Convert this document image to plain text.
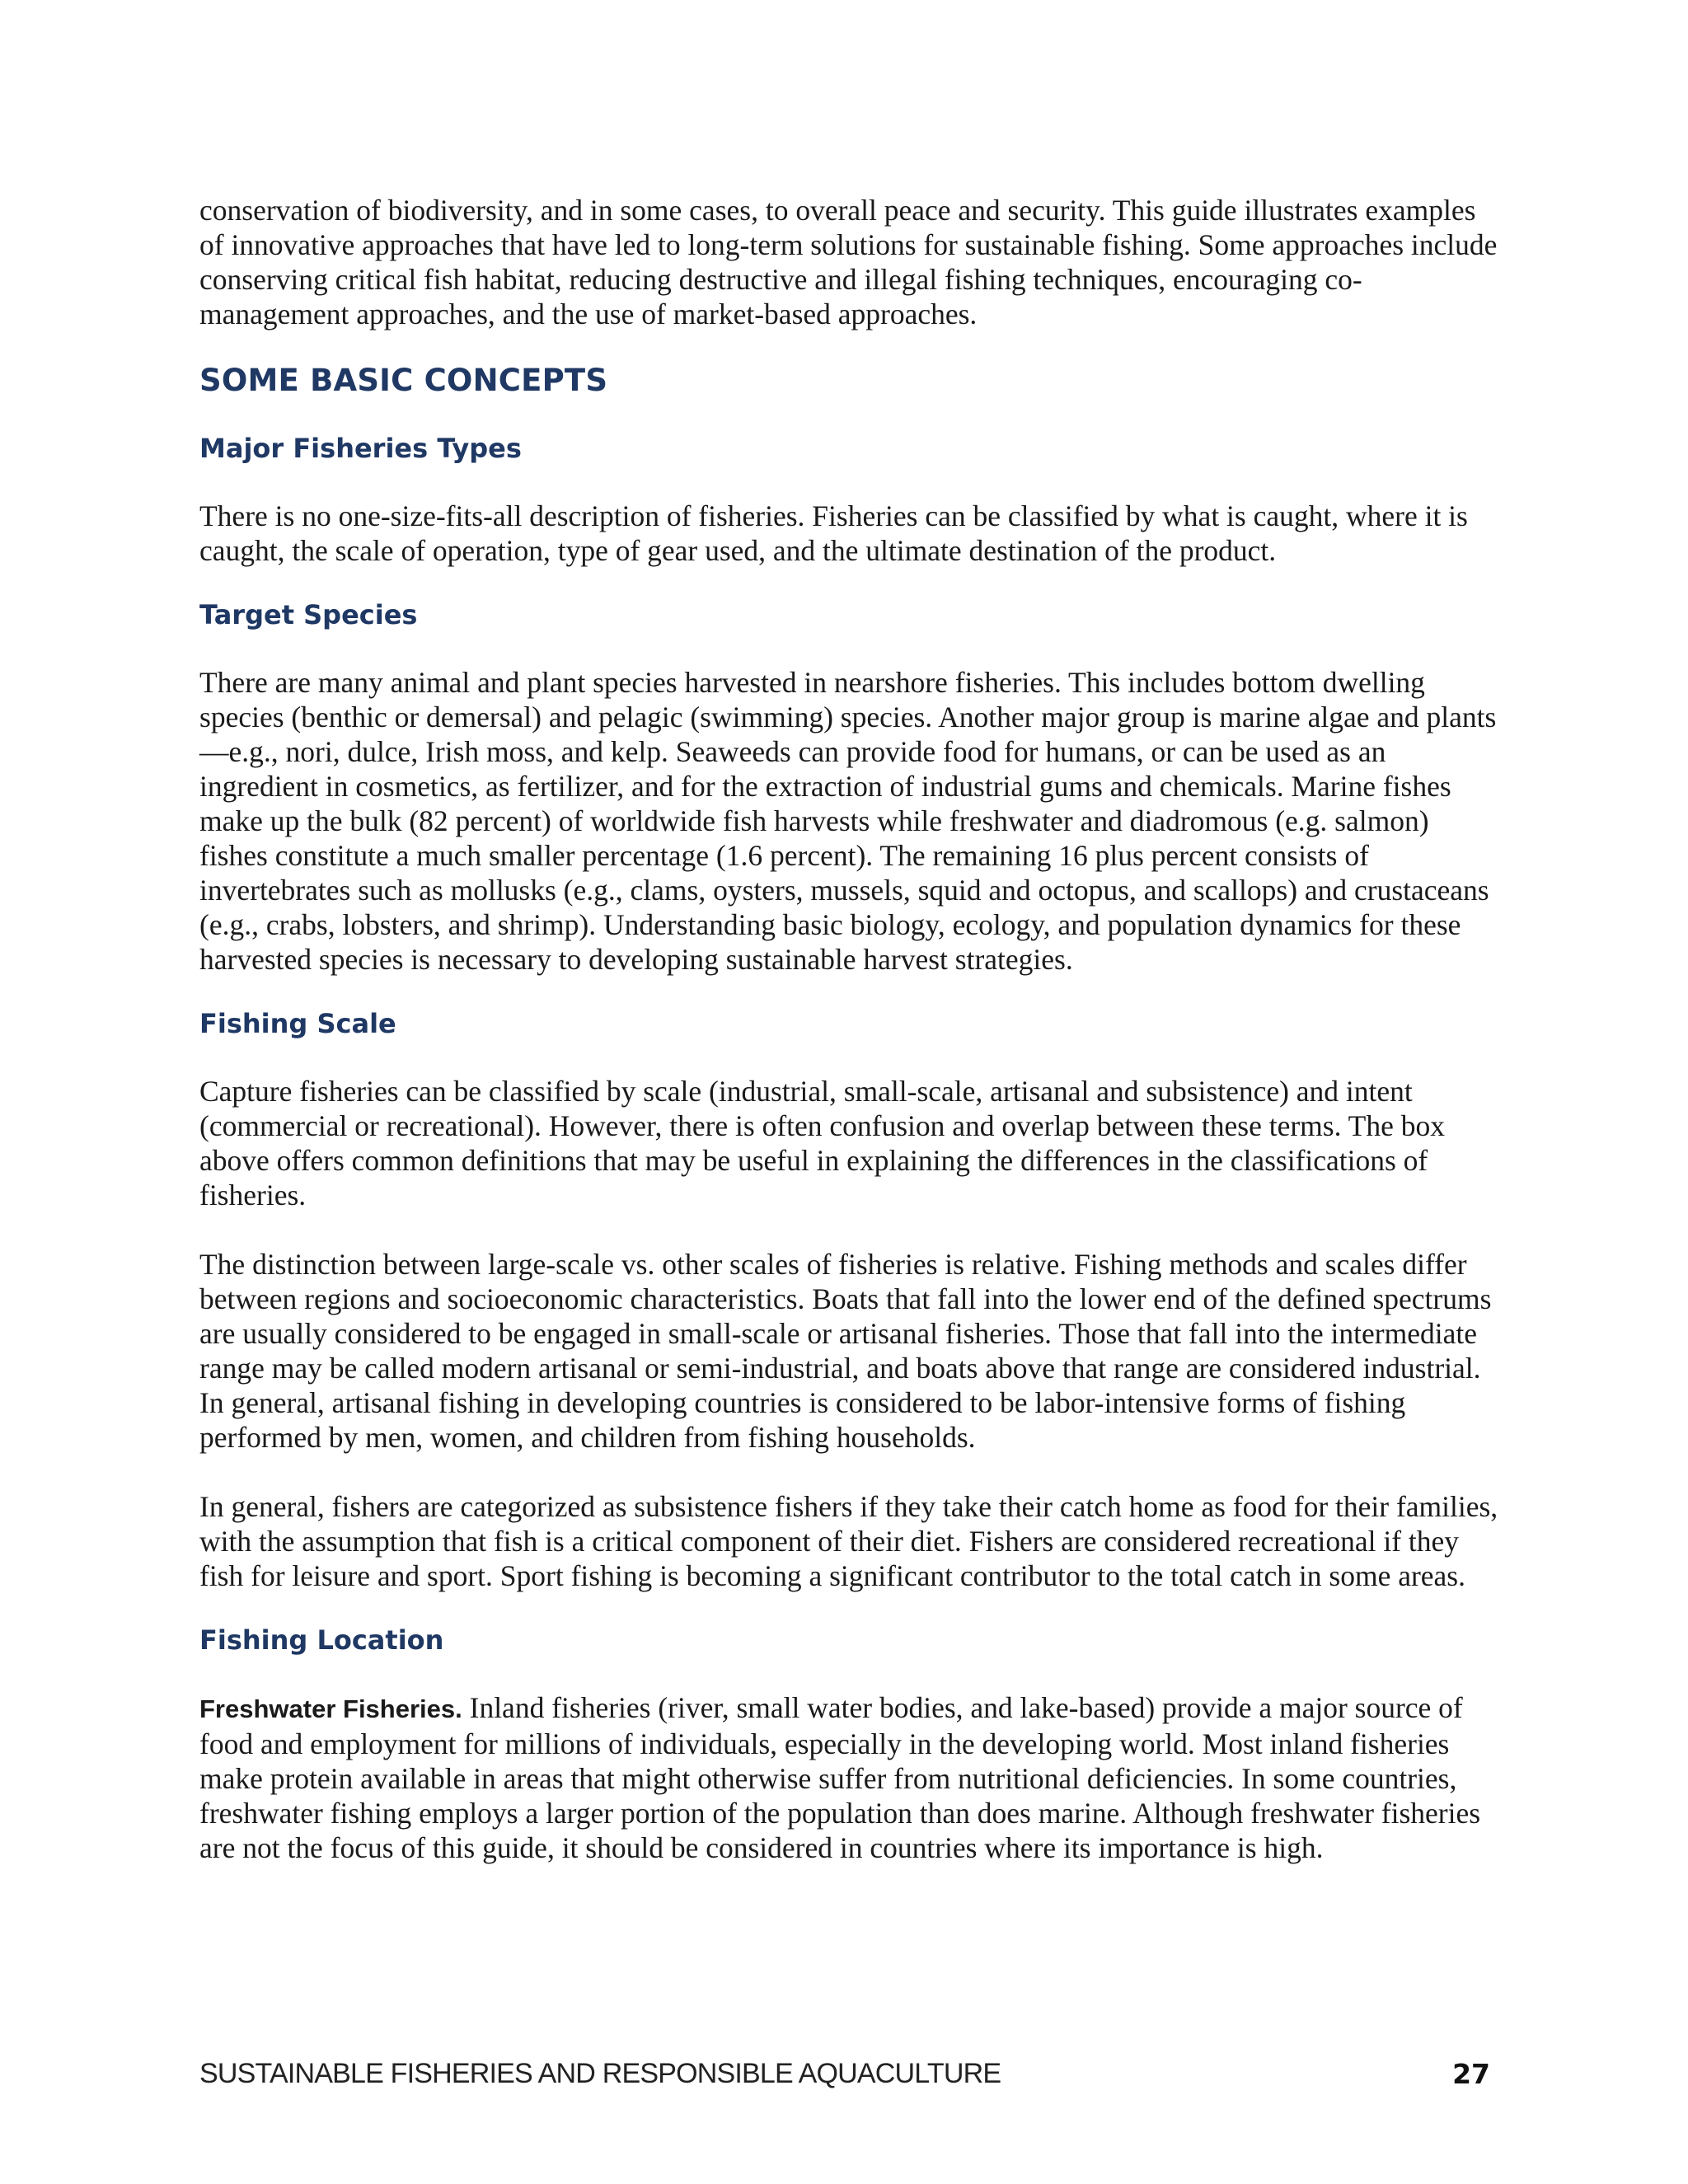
conservation of biodiversity, and in some cases, to overall peace and security. This guide illustrates examples of innovative approaches that have led to long-term solutions for sustainable fishing. Some approaches include conserving critical fish habitat, reducing destructive and illegal fishing techniques, encouraging co-management approaches, and the use of market-based approaches.

SOME BASIC CONCEPTS
Major Fisheries Types

There is no one-size-fits-all description of fisheries. Fisheries can be classified by what is caught, where it is caught, the scale of operation, type of gear used, and the ultimate destination of the product.

Target Species

There are many animal and plant species harvested in nearshore fisheries. This includes bottom dwelling species (benthic or demersal) and pelagic (swimming) species. Another major group is marine algae and plants—e.g., nori, dulce, Irish moss, and kelp. Seaweeds can provide food for humans, or can be used as an ingredient in cosmetics, as fertilizer, and for the extraction of industrial gums and chemicals. Marine fishes make up the bulk (82 percent) of worldwide fish harvests while freshwater and diadromous (e.g. salmon) fishes constitute a much smaller percentage (1.6 percent). The remaining 16 plus percent consists of invertebrates such as mollusks (e.g., clams, oysters, mussels, squid and octopus, and scallops) and crustaceans (e.g., crabs, lobsters, and shrimp). Understanding basic biology, ecology, and population dynamics for these harvested species is necessary to developing sustainable harvest strategies.

Fishing Scale

Capture fisheries can be classified by scale (industrial, small-scale, artisanal and subsistence) and intent (commercial or recreational). However, there is often confusion and overlap between these terms. The box above offers common definitions that may be useful in explaining the differences in the classifications of fisheries.

The distinction between large-scale vs. other scales of fisheries is relative. Fishing methods and scales differ between regions and socioeconomic characteristics. Boats that fall into the lower end of the defined spectrums are usually considered to be engaged in small-scale or artisanal fisheries. Those that fall into the intermediate range may be called modern artisanal or semi-industrial, and boats above that range are considered industrial. In general, artisanal fishing in developing countries is considered to be labor-intensive forms of fishing performed by men, women, and children from fishing households.

In general, fishers are categorized as subsistence fishers if they take their catch home as food for their families, with the assumption that fish is a critical component of their diet. Fishers are considered recreational if they fish for leisure and sport. Sport fishing is becoming a significant contributor to the total catch in some areas.

Fishing Location

Freshwater Fisheries. Inland fisheries (river, small water bodies, and lake-based) provide a major source of food and employment for millions of individuals, especially in the developing world. Most inland fisheries make protein available in areas that might otherwise suffer from nutritional deficiencies. In some countries, freshwater fishing employs a larger portion of the population than does marine. Although freshwater fisheries are not the focus of this guide, it should be considered in countries where its importance is high.

SUSTAINABLE FISHERIES AND RESPONSIBLE AQUACULTURE	27
